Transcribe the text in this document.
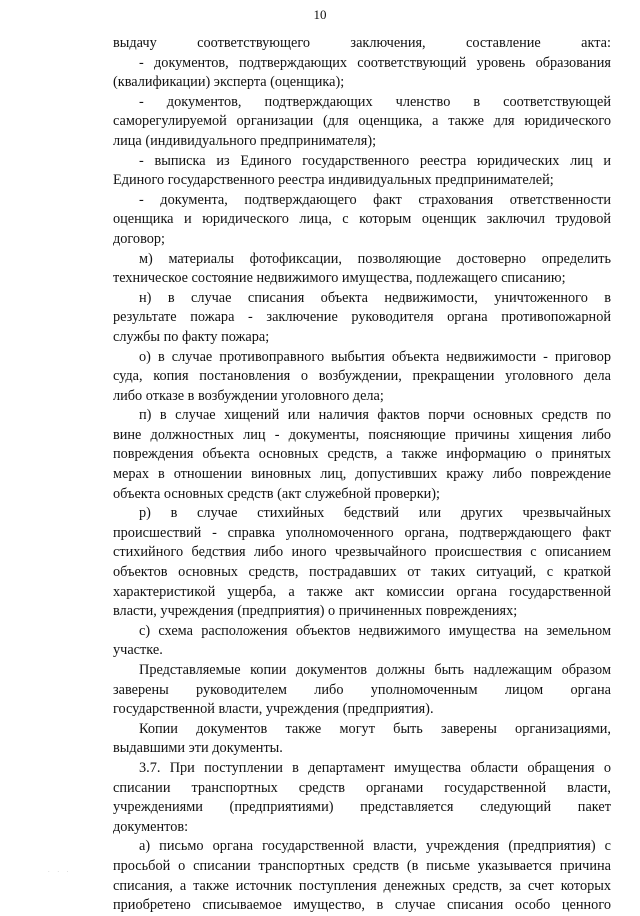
10
выдачу соответствующего заключения, составление акта:
- документов, подтверждающих соответствующий уровень образования
(квалификации) эксперта (оценщика);
- документов, подтверждающих членство в соответствующей
саморегулируемой организации (для оценщика, а также для юридического
лица (индивидуального предпринимателя);
- выписка из Единого государственного реестра юридических лиц и
Единого государственного реестра индивидуальных предпринимателей;
- документа, подтверждающего факт страхования ответственности
оценщика и юридического лица, с которым оценщик заключил трудовой
договор;
м) материалы фотофиксации, позволяющие достоверно определить
техническое состояние недвижимого имущества, подлежащего списанию;
н) в случае списания объекта недвижимости, уничтоженного в
результате пожара - заключение руководителя органа противопожарной
службы по факту пожара;
о) в случае противоправного выбытия объекта недвижимости - приговор
суда, копия постановления о возбуждении, прекращении уголовного дела
либо отказе в возбуждении уголовного дела;
п) в случае хищений или наличия фактов порчи основных средств по
вине должностных лиц - документы, поясняющие причины хищения либо
повреждения объекта основных средств, а также информацию о принятых
мерах в отношении виновных лиц, допустивших кражу либо повреждение
объекта основных средств (акт служебной проверки);
р) в случае стихийных бедствий или других чрезвычайных
происшествий - справка уполномоченного органа, подтверждающего факт
стихийного бедствия либо иного чрезвычайного происшествия с описанием
объектов основных средств, пострадавших от таких ситуаций, с краткой
характеристикой ущерба, а также акт комиссии органа государственной
власти, учреждения (предприятия) о причиненных повреждениях;
с) схема расположения объектов недвижимого имущества на земельном
участке.
Представляемые копии документов должны быть надлежащим образом
заверены руководителем либо уполномоченным лицом органа
государственной власти, учреждения (предприятия).
Копии документов также могут быть заверены организациями,
выдавшими эти документы.
3.7. При поступлении в департамент имущества области обращения о
списании транспортных средств органами государственной власти,
учреждениями (предприятиями) представляется следующий пакет
документов:
а) письмо органа государственной власти, учреждения (предприятия) с
просьбой о списании транспортных средств (в письме указывается причина
списания, а также источник поступления денежных средств, за счет которых
приобретено списываемое имущество, в случае списания особо ценного
. . .
